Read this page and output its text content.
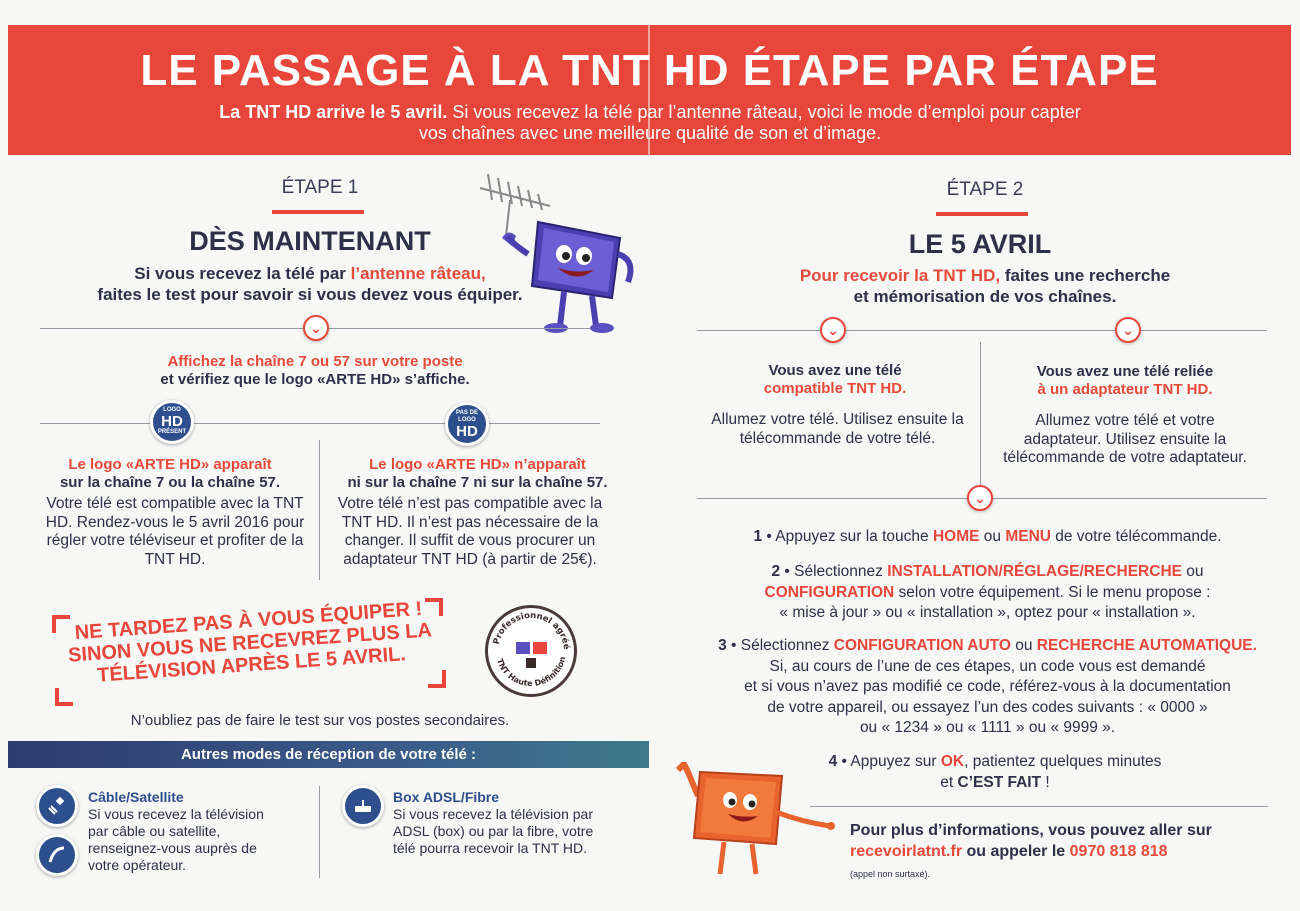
LE PASSAGE À LA TNT HD ÉTAPE PAR ÉTAPE
La TNT HD arrive le 5 avril. Si vous recevez la télé par l’antenne râteau, voici le mode d’emploi pour capter
vos chaînes avec une meilleure qualité de son et d’image.
ÉTAPE 1
DÈS MAINTENANT
Si vous recevez la télé par l’antenne râteau,
faites le test pour savoir si vous devez vous équiper.
⌄
Affichez la chaîne 7 ou 57 sur votre poste
et vérifiez que le logo «ARTE HD» s’affiche.
LOGO
HD
PRÉSENT
PAS DE LOGO
HD
Le logo «ARTE HD» apparaît
sur la chaîne 7 ou la chaîne 57.
Votre télé est compatible avec la TNT HD. Rendez-vous le 5 avril 2016 pour régler votre téléviseur et profiter de la TNT HD.
Le logo «ARTE HD» n’apparaît
ni sur la chaîne 7 ni sur la chaîne 57.
Votre télé n’est pas compatible avec la TNT HD. Il n’est pas nécessaire de la changer. Il suffit de vous procurer un adaptateur TNT HD (à partir de 25€).
NE TARDEZ PAS À VOUS ÉQUIPER ! SINON VOUS NE RECEVREZ PLUS LA TÉLÉVISION APRÈS LE 5 AVRIL.
Professionnel agréé
TNT Haute Définition
N’oubliez pas de faire le test sur vos postes secondaires.
Autres modes de réception de votre télé :
Câble/Satellite
Si vous recevez la télévision par câble ou satellite, renseignez-vous auprès de votre opérateur.
Box ADSL/Fibre
Si vous recevez la télévision par ADSL (box) ou par la fibre, votre télé pourra recevoir la TNT HD.
ÉTAPE 2
LE 5 AVRIL
Pour recevoir la TNT HD, faites une recherche
et mémorisation de vos chaînes.
⌄	⌄
Vous avez une télé
compatible TNT HD.
Allumez votre télé. Utilisez ensuite la télécommande de votre télé.
Vous avez une télé reliée
à un adaptateur TNT HD.
Allumez votre télé et votre adaptateur. Utilisez ensuite la télécommande de votre adaptateur.
⌄
1 • Appuyez sur la touche HOME ou MENU de votre télécommande.
2 • Sélectionnez INSTALLATION/RÉGLAGE/RECHERCHE ou
CONFIGURATION selon votre équipement. Si le menu propose :
« mise à jour » ou « installation », optez pour « installation ».
3 • Sélectionnez CONFIGURATION AUTO ou RECHERCHE AUTOMATIQUE.
Si, au cours de l’une de ces étapes, un code vous est demandé
et si vous n’avez pas modifié ce code, référez-vous à la documentation
de votre appareil, ou essayez l’un des codes suivants : « 0000 »
ou « 1234 » ou « 1111 » ou « 9999 ».
4 • Appuyez sur OK, patientez quelques minutes
et C’EST FAIT !
Pour plus d’informations, vous pouvez aller sur
recevoirlatnt.fr ou appeler le 0970 818 818
(appel non surtaxé).
